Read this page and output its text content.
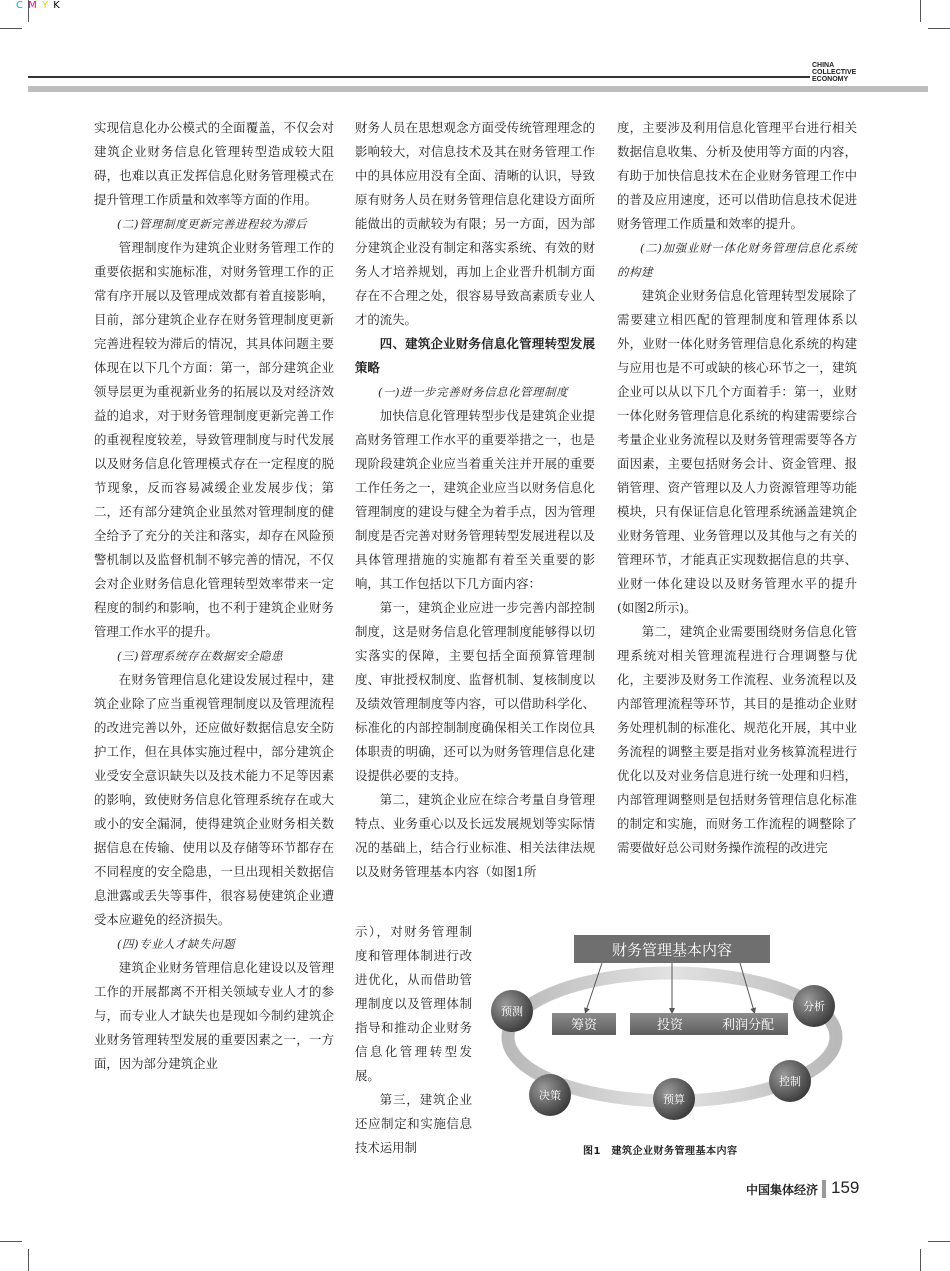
C M Y K
CHINA
COLLECTIVE
ECONOMY

实现信息化办公模式的全面覆盖，不仅会对建筑企业财务信息化管理转型造成较大阻碍，也难以真正发挥信息化财务管理模式在提升管理工作质量和效率等方面的作用。

(二)管理制度更新完善进程较为滞后

管理制度作为建筑企业财务管理工作的重要依据和实施标准，对财务管理工作的正常有序开展以及管理成效都有着直接影响，目前，部分建筑企业存在财务管理制度更新完善进程较为滞后的情况，其具体问题主要体现在以下几个方面：第一，部分建筑企业领导层更为重视新业务的拓展以及对经济效益的追求，对于财务管理制度更新完善工作的重视程度较差，导致管理制度与时代发展以及财务信息化管理模式存在一定程度的脱节现象，反而容易减缓企业发展步伐；第二，还有部分建筑企业虽然对管理制度的健全给予了充分的关注和落实，却存在风险预警机制以及监督机制不够完善的情况，不仅会对企业财务信息化管理转型效率带来一定程度的制约和影响，也不利于建筑企业财务管理工作水平的提升。

(三)管理系统存在数据安全隐患

在财务管理信息化建设发展过程中，建筑企业除了应当重视管理制度以及管理流程的改进完善以外，还应做好数据信息安全防护工作，但在具体实施过程中，部分建筑企业受安全意识缺失以及技术能力不足等因素的影响，致使财务信息化管理系统存在或大或小的安全漏洞，使得建筑企业财务相关数据信息在传输、使用以及存储等环节都存在不同程度的安全隐患，一旦出现相关数据信息泄露或丢失等事件，很容易使建筑企业遭受本应避免的经济损失。

(四)专业人才缺失问题

建筑企业财务管理信息化建设以及管理工作的开展都离不开相关领域专业人才的参与，而专业人才缺失也是现如今制约建筑企业财务管理转型发展的重要因素之一，一方面，因为部分建筑企业

财务人员在思想观念方面受传统管理理念的影响较大，对信息技术及其在财务管理工作中的具体应用没有全面、清晰的认识，导致原有财务人员在财务管理信息化建设方面所能做出的贡献较为有限；另一方面，因为部分建筑企业没有制定和落实系统、有效的财务人才培养规划，再加上企业晋升机制方面存在不合理之处，很容易导致高素质专业人才的流失。

四、建筑企业财务信息化管理转型发展策略

(一)进一步完善财务信息化管理制度

加快信息化管理转型步伐是建筑企业提高财务管理工作水平的重要举措之一，也是现阶段建筑企业应当着重关注并开展的重要工作任务之一，建筑企业应当以财务信息化管理制度的建设与健全为着手点，因为管理制度是否完善对财务管理转型发展进程以及具体管理措施的实施都有着至关重要的影响，其工作包括以下几方面内容：

第一，建筑企业应进一步完善内部控制制度，这是财务信息化管理制度能够得以切实落实的保障，主要包括全面预算管理制度、审批授权制度、监督机制、复核制度以及绩效管理制度等内容，可以借助科学化、标准化的内部控制制度确保相关工作岗位具体职责的明确，还可以为财务管理信息化建设提供必要的支持。

第二，建筑企业应在综合考量自身管理特点、业务重心以及长远发展规划等实际情况的基础上，结合行业标准、相关法律法规以及财务管理基本内容（如图1所

示），对财务管理制度和管理体制进行改进优化，从而借助管理制度以及管理体制指导和推动企业财务信息化管理转型发展。

第三，建筑企业还应制定和实施信息技术运用制

度，主要涉及利用信息化管理平台进行相关数据信息收集、分析及使用等方面的内容，有助于加快信息技术在企业财务管理工作中的普及应用速度，还可以借助信息技术促进财务管理工作质量和效率的提升。

(二)加强业财一体化财务管理信息化系统的构建

建筑企业财务信息化管理转型发展除了需要建立相匹配的管理制度和管理体系以外，业财一体化财务管理信息化系统的构建与应用也是不可或缺的核心环节之一，建筑企业可以从以下几个方面着手：第一，业财一体化财务管理信息化系统的构建需要综合考量企业业务流程以及财务管理需要等各方面因素，主要包括财务会计、资金管理、报销管理、资产管理以及人力资源管理等功能模块，只有保证信息化管理系统涵盖建筑企业财务管理、业务管理以及其他与之有关的管理环节，才能真正实现数据信息的共享、业财一体化建设以及财务管理水平的提升(如图2所示)。

第二，建筑企业需要围绕财务信息化管理系统对相关管理流程进行合理调整与优化，主要涉及财务工作流程、业务流程以及内部管理流程等环节，其目的是推动企业财务处理机制的标准化、规范化开展，其中业务流程的调整主要是指对业务核算流程进行优化以及对业务信息进行统一处理和归档，内部管理调整则是包括财务管理信息化标准的制定和实施，而财务工作流程的调整除了需要做好总公司财务操作流程的改进完

财务管理基本内容
筹资	投资	利润分配
预测
决策	预算
控制
分析
图1　建筑企业财务管理基本内容
中国集体经济 159
